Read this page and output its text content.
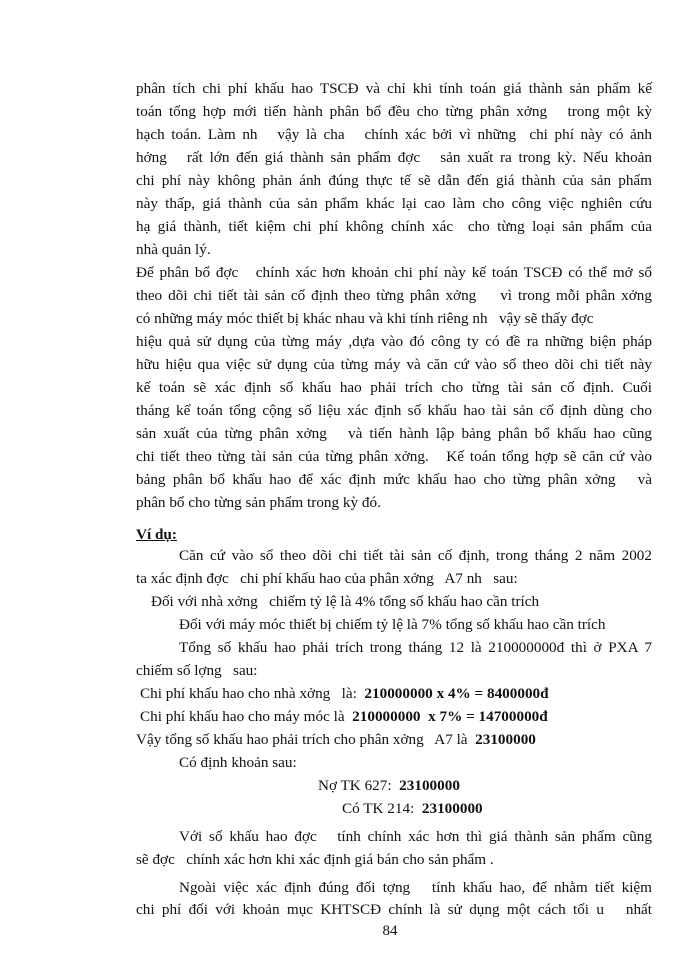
phân tích chi phí khấu hao TSCĐ và chỉ khi tính toán giá thành sản phẩm kế
toán tổng hợp mới tiến hành phân bổ đều cho từng phân xởng   trong một kỳ
hạch toán. Làm nh   vậy là cha   chính xác bởi vì những  chi phí này có ảnh
hởng   rất lớn đến giá thành sản phẩm đợc   sản xuất ra trong kỳ. Nếu khoản
chi phí này không phản ánh đúng thực tế sẽ dẫn đến giá thành của sản phẩm
này thấp, giá thành của sản phẩm khác lại cao làm cho công việc nghiên cứu
hạ giá thành, tiết kiệm chi phí không chính xác  cho từng loại sản phẩm của
nhà quản lý.
Để phân bổ đợc   chính xác hơn khoản chi phí này kế toán TSCĐ có thể mở sổ
theo dõi chi tiết tài sản cố định theo từng phân xởng    vì trong mỗi phân xởng
có những máy móc thiết bị khác nhau và khi tính riêng nh   vậy sẽ thấy đợc
hiệu quả sử dụng của từng máy ,dựa vào đó công ty có đề ra những biện pháp
hữu hiệu qua việc sử dụng của từng máy và căn cứ vào sổ theo dõi chi tiết này
kế toán sẽ xác định số khấu hao phải trích cho từng tài sản cố định. Cuối
tháng kế toán tổng cộng số liệu xác định số khấu hao tài sản cố định dùng cho
sản xuất của từng phân xởng   và tiến hành lập bảng phân bổ khấu hao cũng
chi tiết theo từng tài sản của từng phân xởng.   Kế toán tổng hợp sẽ căn cứ vào
bảng phân bổ khấu hao để xác định mức khấu hao cho từng phân xởng   và
phân bổ cho từng sản phẩm trong kỳ đó.
Ví dụ:
Căn cứ vào sổ theo dõi chi tiết tài sản cố định, trong tháng 2 năm 2002
ta xác định đợc   chi phí khấu hao của phân xởng   A7 nh   sau:
Đối với nhà xởng   chiếm tỷ lệ là 4% tổng số khấu hao cần trích
Đối với máy móc thiết bị chiếm tỷ lệ là 7% tổng số khấu hao cần trích
Tổng số khấu hao phải trích trong tháng 12 là 210000000đ thì ở PXA 7
chiếm số lợng   sau:
Chi phí khấu hao cho nhà xởng   là:  210000000 x 4% = 8400000đ
Chi phí khấu hao cho máy móc là  210000000  x 7% = 14700000đ
Vậy tổng số khấu hao phải trích cho phân xởng   A7 là  23100000
Có định khoản sau:
Nợ TK 627:  23100000
Có TK 214:  23100000
Với số khấu hao đợc   tính chính xác hơn thì giá thành sản phẩm cũng
sẽ đợc   chính xác hơn khi xác định giá bán cho sản phẩm .
Ngoài việc xác định đúng đối tợng   tính khấu hao, để nhằm tiết kiệm
chi phí đối với khoản mục KHTSCĐ chính là sử dụng một cách tối u   nhất
84
